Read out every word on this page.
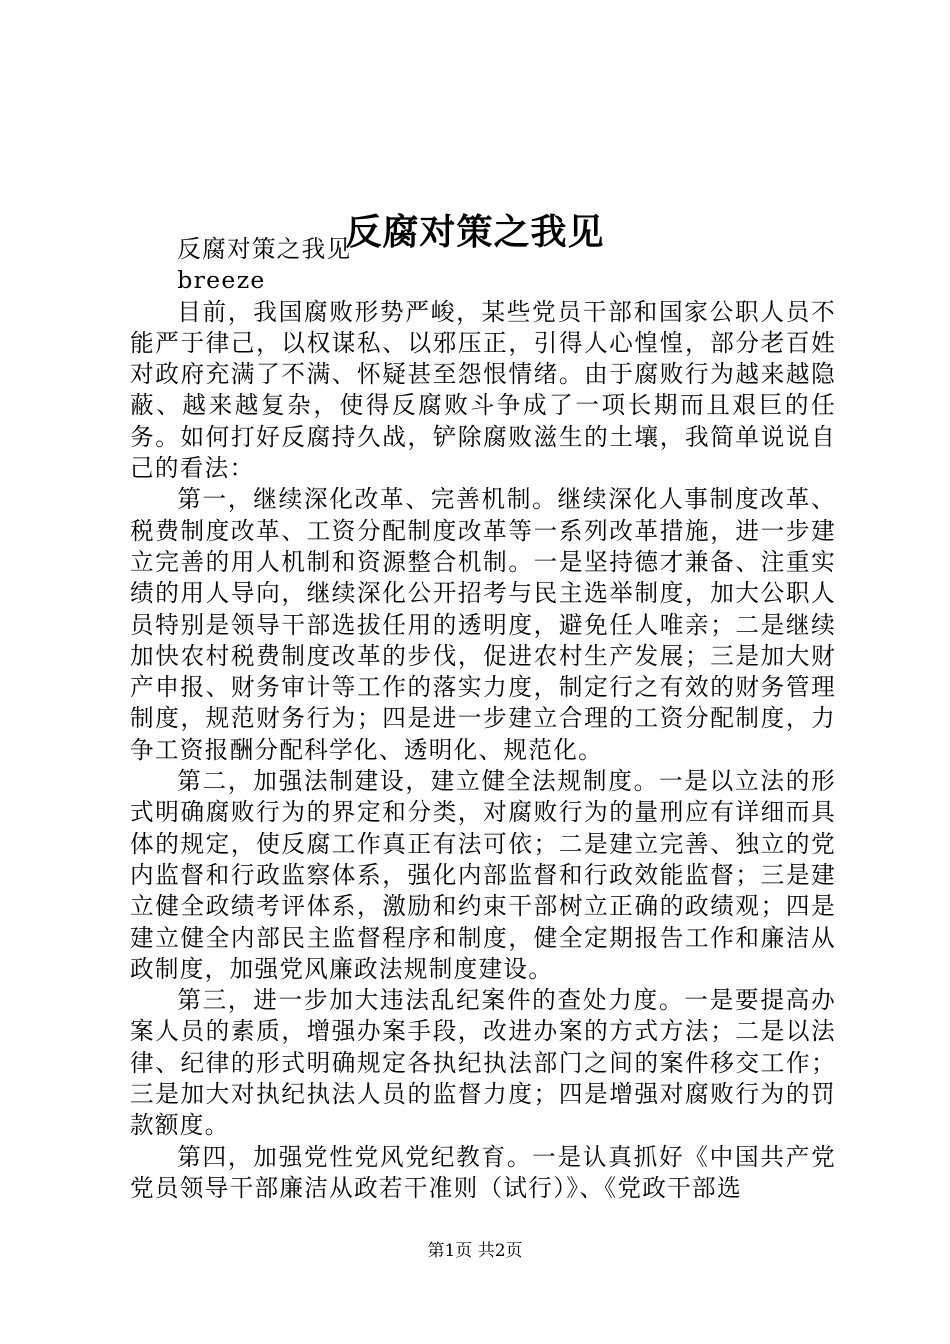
反腐对策之我见

反腐对策之我见

breeze

目前，我国腐败形势严峻，某些党员干部和国家公职人员不能严于律己，以权谋私、以邪压正，引得人心惶惶，部分老百姓对政府充满了不满、怀疑甚至怨恨情绪。由于腐败行为越来越隐蔽、越来越复杂，使得反腐败斗争成了一项长期而且艰巨的任务。如何打好反腐持久战，铲除腐败滋生的土壤，我简单说说自己的看法：

第一，继续深化改革、完善机制。继续深化人事制度改革、税费制度改革、工资分配制度改革等一系列改革措施，进一步建立完善的用人机制和资源整合机制。一是坚持德才兼备、注重实绩的用人导向，继续深化公开招考与民主选举制度，加大公职人员特别是领导干部选拔任用的透明度，避免任人唯亲；二是继续加快农村税费制度改革的步伐，促进农村生产发展；三是加大财产申报、财务审计等工作的落实力度，制定行之有效的财务管理制度，规范财务行为；四是进一步建立合理的工资分配制度，力争工资报酬分配科学化、透明化、规范化。

第二，加强法制建设，建立健全法规制度。一是以立法的形式明确腐败行为的界定和分类，对腐败行为的量刑应有详细而具体的规定，使反腐工作真正有法可依；二是建立完善、独立的党内监督和行政监察体系，强化内部监督和行政效能监督；三是建立健全政绩考评体系，激励和约束干部树立正确的政绩观；四是建立健全内部民主监督程序和制度，健全定期报告工作和廉洁从政制度，加强党风廉政法规制度建设。

第三，进一步加大违法乱纪案件的查处力度。一是要提高办案人员的素质，增强办案手段，改进办案的方式方法；二是以法律、纪律的形式明确规定各执纪执法部门之间的案件移交工作；三是加大对执纪执法人员的监督力度；四是增强对腐败行为的罚款额度。

第四，加强党性党风党纪教育。一是认真抓好《中国共产党党员领导干部廉洁从政若干准则（试行）》、《党政干部选

第1页 共2页
